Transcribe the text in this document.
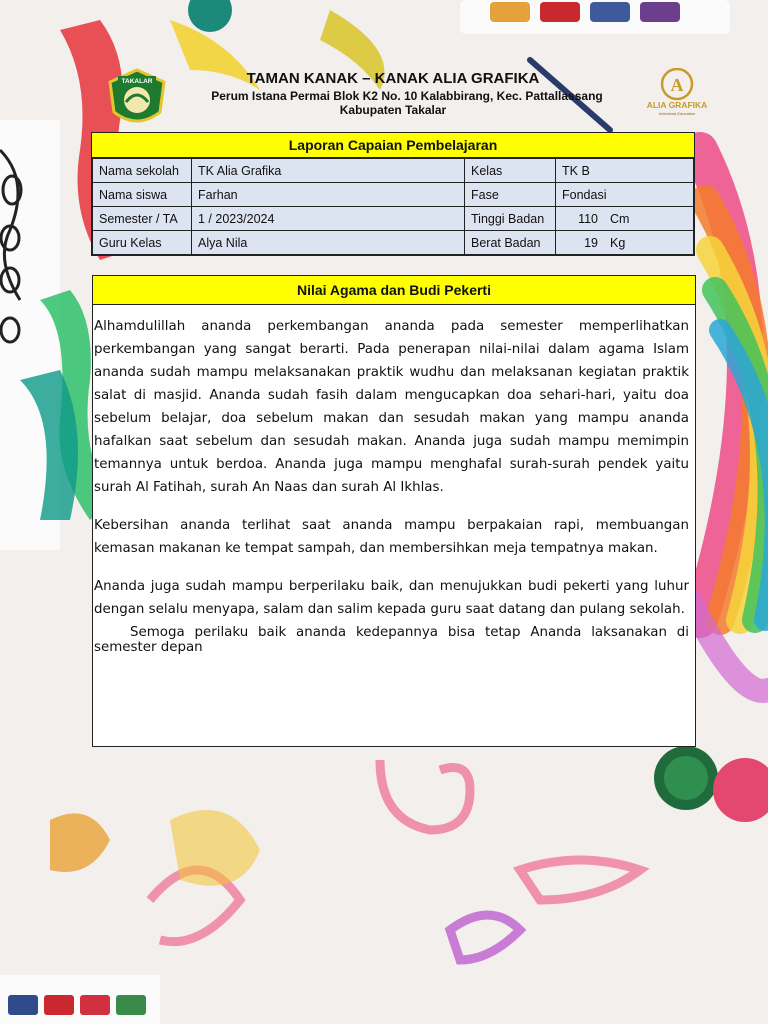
TAKALAR	TAMAN KANAK – KANAK ALIA GRAFIKA
Perum Istana Permai Blok K2 No. 10 Kalabbirang, Kec. Pattallassang
Kabupaten Takalar
A
ALIA GRAFIKA
Indonesia Education
Laporan Capaian Pembelajaran
Nama sekolah	TK Alia Grafika	Kelas	TK B
Nama siswa	Farhan	Fase	Fondasi
Semester / TA	1 / 2023/2024	Tinggi Badan	110 Cm
Guru Kelas	Alya Nila	Berat Badan	19 Kg
Nilai Agama dan Budi Pekerti

Alhamdulillah ananda perkembangan ananda pada semester memperlihatkan perkembangan yang sangat berarti. Pada penerapan nilai-nilai dalam agama Islam ananda sudah mampu melaksanakan praktik wudhu dan melaksanan kegiatan praktik salat di masjid. Ananda sudah fasih dalam mengucapkan doa sehari-hari, yaitu doa sebelum belajar, doa sebelum makan dan sesudah makan yang mampu ananda hafalkan saat sebelum dan sesudah makan. Ananda juga sudah mampu memimpin temannya untuk berdoa. Ananda juga mampu menghafal surah-surah pendek yaitu surah Al Fatihah, surah An Naas dan surah Al Ikhlas.

Kebersihan ananda terlihat saat ananda mampu berpakaian rapi, membuangan kemasan makanan ke tempat sampah, dan membersihkan meja tempatnya makan.

Ananda juga sudah mampu berperilaku baik, dan menujukkan budi pekerti yang luhur dengan selalu menyapa, salam dan salim kepada guru saat datang dan pulang sekolah.

Semoga perilaku baik ananda kedepannya bisa tetap Ananda laksanakan di semester depan
